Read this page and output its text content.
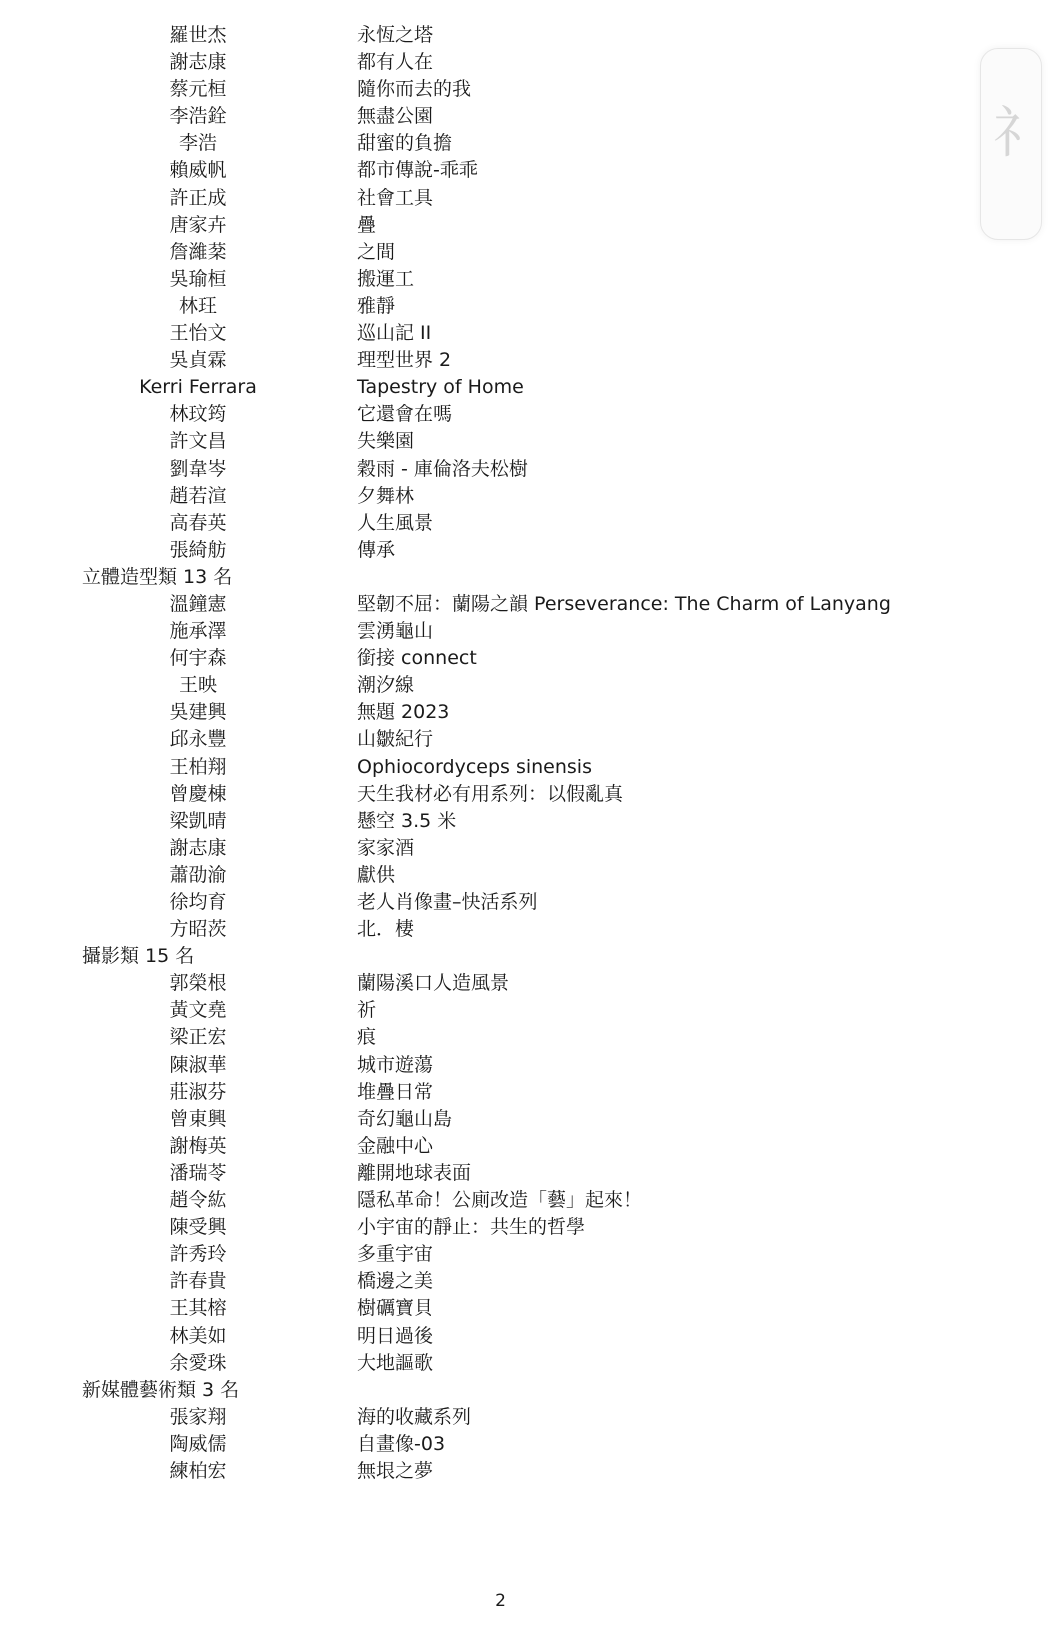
羅世杰	永恆之塔
謝志康	都有人在
蔡元桓	隨你而去的我
李浩銓	無盡公園
李浩	甜蜜的負擔
賴威帆	都市傳說-乖乖
許正成	社會工具
唐家卉	疊
詹濰棻	之間
吳瑜桓	搬運工
林玨	雅靜
王怡文	巡山記 II
吳貞霖	理型世界 2
Kerri Ferrara	Tapestry of Home
林玟筠	它還會在嗎
許文昌	失樂園
劉韋岑	穀雨 - 庫倫洛夫松樹
趙若渲	夕舞林
高春英	人生風景
張綺舫	傳承
立體造型類 13 名
溫鐘憲	堅韌不屈：蘭陽之韻 Perseverance: The Charm of Lanyang
施承澤	雲湧龜山
何宇森	銜接 connect
王映	潮汐線
吳建興	無題 2023
邱永豐	山皺紀行
王柏翔	Ophiocordyceps sinensis
曾慶棟	天生我材必有用系列：以假亂真
梁凱晴	懸空 3.5 米
謝志康	家家酒
蕭劭渝	獻供
徐均育	老人肖像畫–快活系列
方昭茨	北．棲
攝影類 15 名
郭榮根	蘭陽溪口人造風景
黃文堯	祈
梁正宏	痕
陳淑華	城市遊蕩
莊淑芬	堆疊日常
曾東興	奇幻龜山島
謝梅英	金融中心
潘瑞苓	離開地球表面
趙令紘	隱私革命！公廁改造「藝」起來！
陳受興	小宇宙的靜止：共生的哲學
許秀玲	多重宇宙
許春貴	橋邊之美
王其榕	樹礪寶貝
林美如	明日過後
余愛珠	大地謳歌
新媒體藝術類 3 名
張家翔	海的收藏系列
陶威儒	自畫像-03
練柏宏	無垠之夢
2
礻
